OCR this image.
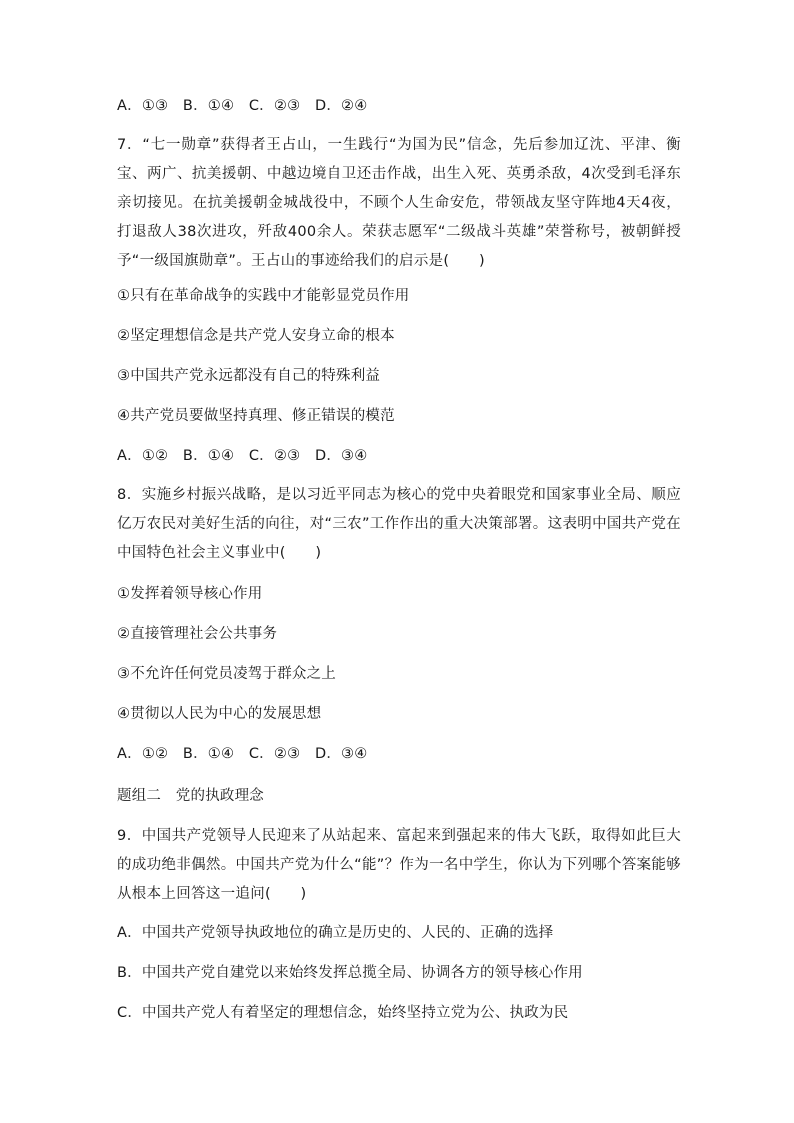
A．①③　B．①④　C．②③　D．②④
7．“七一勋章”获得者王占山，一生践行“为国为民”信念，先后参加辽沈、平津、衡宝、两广、抗美援朝、中越边境自卫还击作战，出生入死、英勇杀敌，4次受到毛泽东亲切接见。在抗美援朝金城战役中，不顾个人生命安危，带领战友坚守阵地4天4夜，打退敌人38次进攻，歼敌400余人。荣获志愿军“二级战斗英雄”荣誉称号，被朝鲜授予“一级国旗勋章”。王占山的事迹给我们的启示是(　　)
①只有在革命战争的实践中才能彰显党员作用
②坚定理想信念是共产党人安身立命的根本
③中国共产党永远都没有自己的特殊利益
④共产党员要做坚持真理、修正错误的模范
A．①②　B．①④　C．②③　D．③④
8．实施乡村振兴战略，是以习近平同志为核心的党中央着眼党和国家事业全局、顺应亿万农民对美好生活的向往，对“三农”工作作出的重大决策部署。这表明中国共产党在中国特色社会主义事业中(　　)
①发挥着领导核心作用
②直接管理社会公共事务
③不允许任何党员凌驾于群众之上
④贯彻以人民为中心的发展思想
A．①②　B．①④　C．②③　D．③④
题组二　党的执政理念
9．中国共产党领导人民迎来了从站起来、富起来到强起来的伟大飞跃，取得如此巨大的成功绝非偶然。中国共产党为什么“能”？作为一名中学生，你认为下列哪个答案能够从根本上回答这一追问(　　)
A．中国共产党领导执政地位的确立是历史的、人民的、正确的选择
B．中国共产党自建党以来始终发挥总揽全局、协调各方的领导核心作用
C．中国共产党人有着坚定的理想信念，始终坚持立党为公、执政为民
